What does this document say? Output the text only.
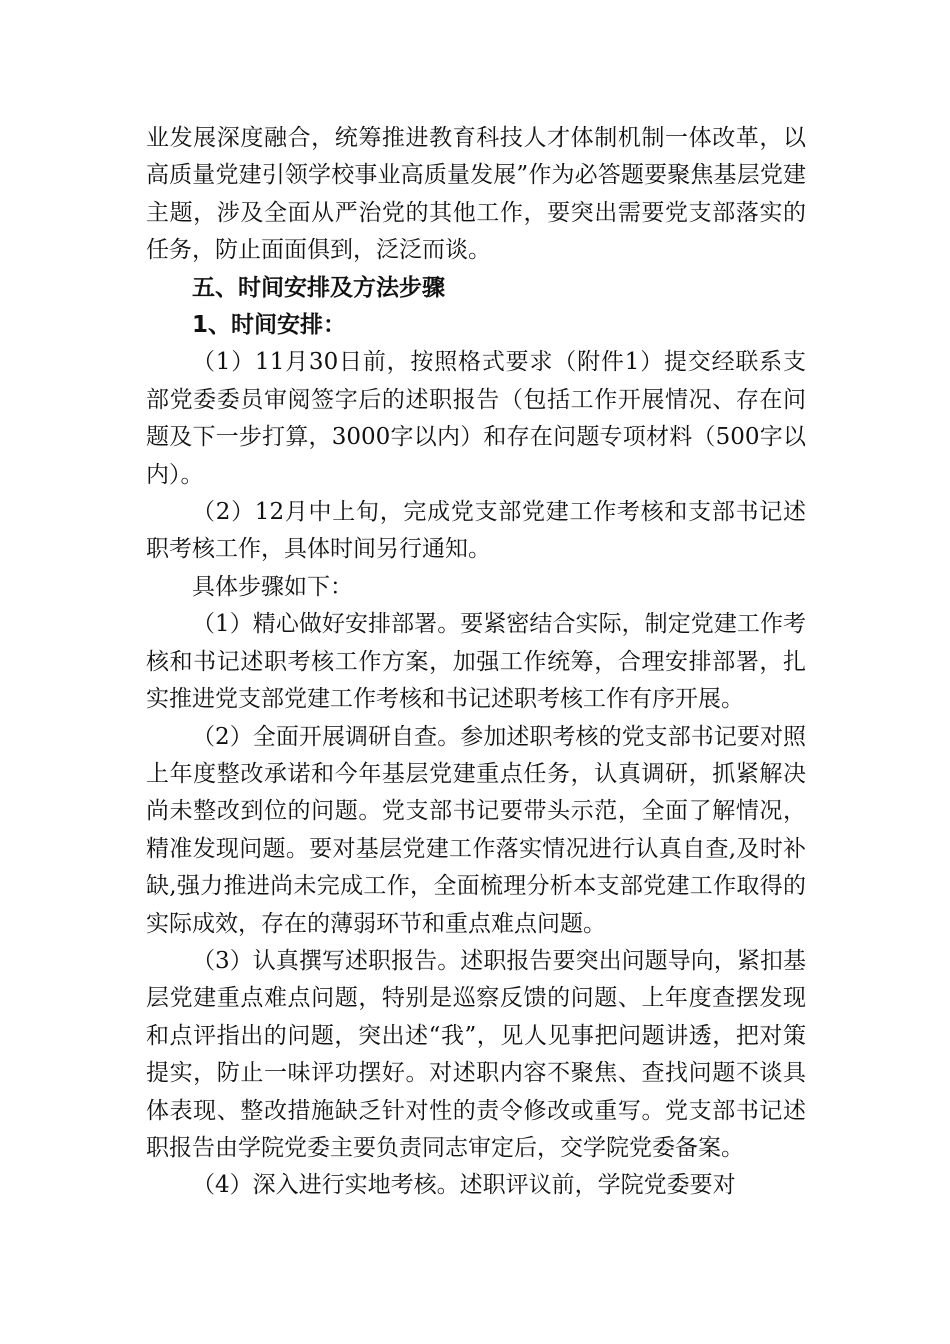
业发展深度融合，统筹推进教育科技人才体制机制一体改革，以高质量党建引领学校事业高质量发展”作为必答题要聚焦基层党建主题，涉及全面从严治党的其他工作，要突出需要党支部落实的任务，防止面面俱到，泛泛而谈。

五、时间安排及方法步骤

1、时间安排：

（1）11月30日前，按照格式要求（附件1）提交经联系支部党委委员审阅签字后的述职报告（包括工作开展情况、存在问题及下一步打算，3000字以内）和存在问题专项材料（500字以内）。

（2）12月中上旬，完成党支部党建工作考核和支部书记述职考核工作，具体时间另行通知。

具体步骤如下：

（1）精心做好安排部署。要紧密结合实际，制定党建工作考核和书记述职考核工作方案，加强工作统筹，合理安排部署，扎实推进党支部党建工作考核和书记述职考核工作有序开展。

（2）全面开展调研自查。参加述职考核的党支部书记要对照上年度整改承诺和今年基层党建重点任务，认真调研，抓紧解决尚未整改到位的问题。党支部书记要带头示范，全面了解情况，精准发现问题。要对基层党建工作落实情况进行认真自查,及时补缺,强力推进尚未完成工作，全面梳理分析本支部党建工作取得的实际成效，存在的薄弱环节和重点难点问题。

（3）认真撰写述职报告。述职报告要突出问题导向，紧扣基层党建重点难点问题，特别是巡察反馈的问题、上年度查摆发现和点评指出的问题，突出述“我”，见人见事把问题讲透，把对策提实，防止一味评功摆好。对述职内容不聚焦、查找问题不谈具体表现、整改措施缺乏针对性的责令修改或重写。党支部书记述职报告由学院党委主要负责同志审定后，交学院党委备案。

（4）深入进行实地考核。述职评议前，学院党委要对
